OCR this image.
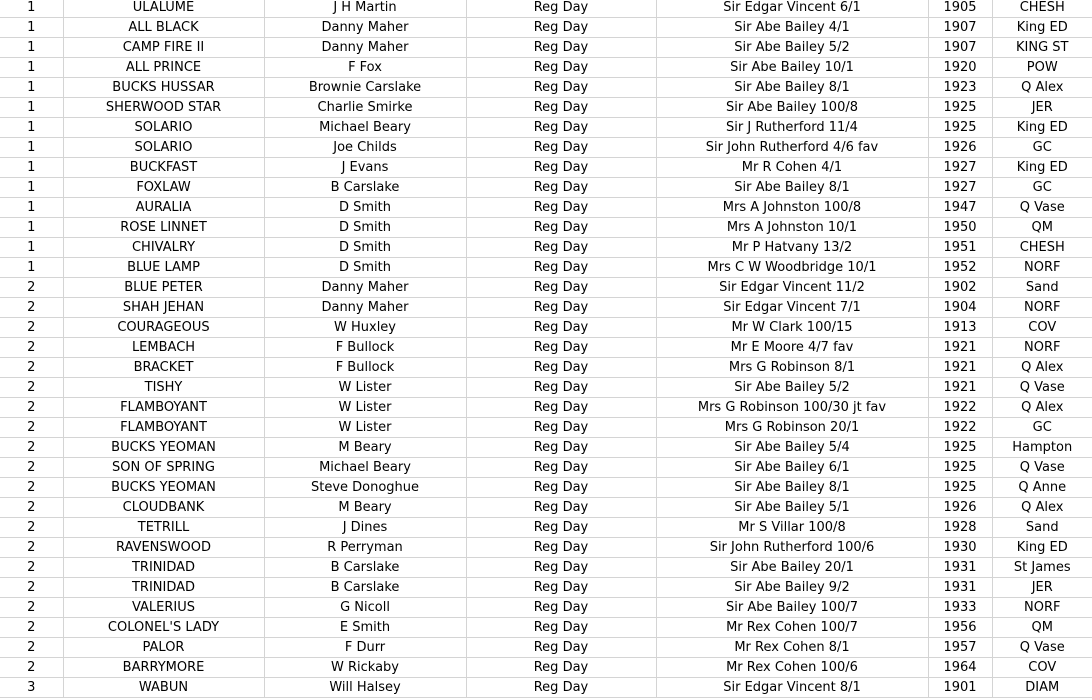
1	ULALUME	J H Martin	Reg Day	Sir Edgar Vincent 6/1	1905	CHESH
1	ALL BLACK	Danny Maher	Reg Day	Sir Abe Bailey 4/1	1907	King ED
1	CAMP FIRE II	Danny Maher	Reg Day	Sir Abe Bailey 5/2	1907	KING ST
1	ALL PRINCE	F Fox	Reg Day	Sir Abe Bailey 10/1	1920	POW
1	BUCKS HUSSAR	Brownie Carslake	Reg Day	Sir Abe Bailey 8/1	1923	Q Alex
1	SHERWOOD STAR	Charlie Smirke	Reg Day	Sir Abe Bailey 100/8	1925	JER
1	SOLARIO	Michael Beary	Reg Day	Sir J Rutherford 11/4	1925	King ED
1	SOLARIO	Joe Childs	Reg Day	Sir John Rutherford 4/6 fav	1926	GC
1	BUCKFAST	J Evans	Reg Day	Mr R Cohen 4/1	1927	King ED
1	FOXLAW	B Carslake	Reg Day	Sir Abe Bailey 8/1	1927	GC
1	AURALIA	D Smith	Reg Day	Mrs A Johnston 100/8	1947	Q Vase
1	ROSE LINNET	D Smith	Reg Day	Mrs A Johnston 10/1	1950	QM
1	CHIVALRY	D Smith	Reg Day	Mr P Hatvany 13/2	1951	CHESH
1	BLUE LAMP	D Smith	Reg Day	Mrs C W Woodbridge 10/1	1952	NORF
2	BLUE PETER	Danny Maher	Reg Day	Sir Edgar Vincent 11/2	1902	Sand
2	SHAH JEHAN	Danny Maher	Reg Day	Sir Edgar Vincent 7/1	1904	NORF
2	COURAGEOUS	W Huxley	Reg Day	Mr W Clark 100/15	1913	COV
2	LEMBACH	F Bullock	Reg Day	Mr E Moore 4/7 fav	1921	NORF
2	BRACKET	F Bullock	Reg Day	Mrs G Robinson 8/1	1921	Q Alex
2	TISHY	W Lister	Reg Day	Sir Abe Bailey 5/2	1921	Q Vase
2	FLAMBOYANT	W Lister	Reg Day	Mrs G Robinson 100/30 jt fav	1922	Q Alex
2	FLAMBOYANT	W Lister	Reg Day	Mrs G Robinson 20/1	1922	GC
2	BUCKS YEOMAN	M Beary	Reg Day	Sir Abe Bailey 5/4	1925	Hampton
2	SON OF SPRING	Michael Beary	Reg Day	Sir Abe Bailey 6/1	1925	Q Vase
2	BUCKS YEOMAN	Steve Donoghue	Reg Day	Sir Abe Bailey 8/1	1925	Q Anne
2	CLOUDBANK	M Beary	Reg Day	Sir Abe Bailey 5/1	1926	Q Alex
2	TETRILL	J Dines	Reg Day	Mr S Villar 100/8	1928	Sand
2	RAVENSWOOD	R Perryman	Reg Day	Sir John Rutherford 100/6	1930	King ED
2	TRINIDAD	B Carslake	Reg Day	Sir Abe Bailey 20/1	1931	St James
2	TRINIDAD	B Carslake	Reg Day	Sir Abe Bailey 9/2	1931	JER
2	VALERIUS	G Nicoll	Reg Day	Sir Abe Bailey 100/7	1933	NORF
2	COLONEL'S LADY	E Smith	Reg Day	Mr Rex Cohen 100/7	1956	QM
2	PALOR	F Durr	Reg Day	Mr Rex Cohen 8/1	1957	Q Vase
2	BARRYMORE	W Rickaby	Reg Day	Mr Rex Cohen 100/6	1964	COV
3	WABUN	Will Halsey	Reg Day	Sir Edgar Vincent 8/1	1901	DIAM
